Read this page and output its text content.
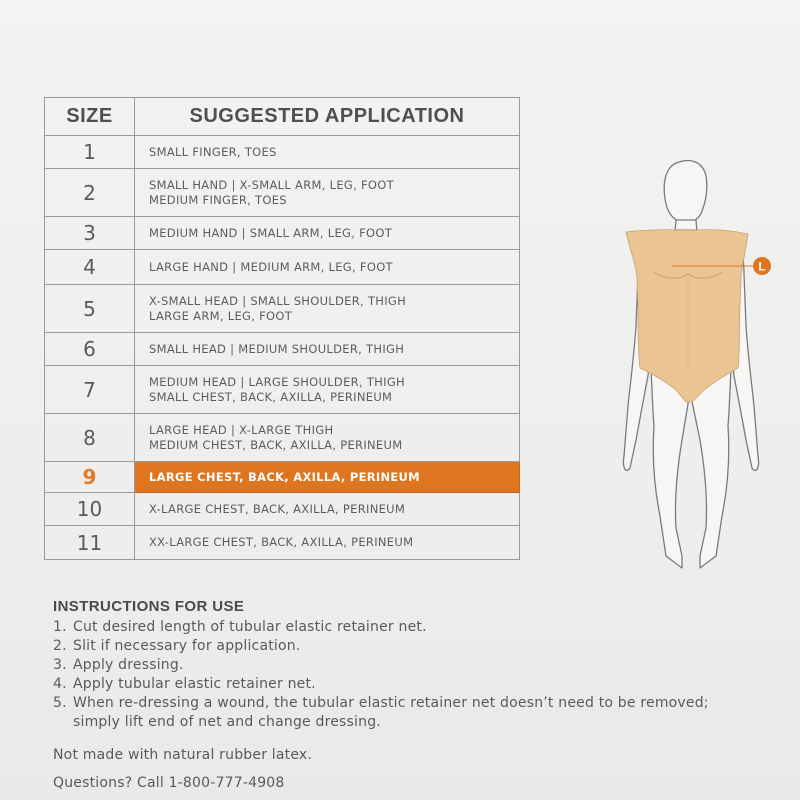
SIZE	SUGGESTED APPLICATION
1	SMALL FINGER, TOES

2	SMALL HAND | X-SMALL ARM, LEG, FOOT
MEDIUM FINGER, TOES

3	MEDIUM HAND | SMALL ARM, LEG, FOOT

4	LARGE HAND | MEDIUM ARM, LEG, FOOT

5	X-SMALL HEAD | SMALL SHOULDER, THIGH
LARGE ARM, LEG, FOOT

6	SMALL HEAD | MEDIUM SHOULDER, THIGH

7	MEDIUM HEAD | LARGE SHOULDER, THIGH
SMALL CHEST, BACK, AXILLA, PERINEUM

8	LARGE HEAD | X-LARGE THIGH
MEDIUM CHEST, BACK, AXILLA, PERINEUM

9	LARGE CHEST, BACK, AXILLA, PERINEUM

10	X-LARGE CHEST, BACK, AXILLA, PERINEUM

11	XX-LARGE CHEST, BACK, AXILLA, PERINEUM
L
INSTRUCTIONS FOR USE
1. Cut desired length of tubular elastic retainer net.
2. Slit if necessary for application.
3. Apply dressing.
4. Apply tubular elastic retainer net.
5. When re-dressing a wound, the tubular elastic retainer net doesn’t need to be removed; simply lift end of net and change dressing.
Not made with natural rubber latex.
Questions? Call 1-800-777-4908
